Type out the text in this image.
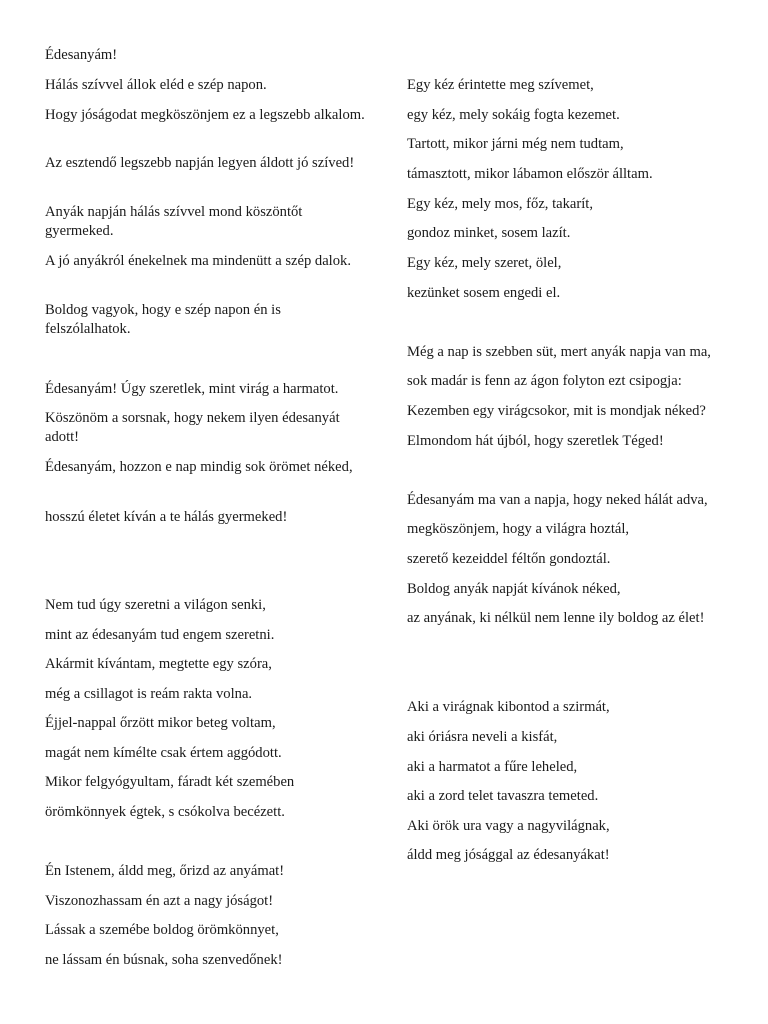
Édesanyám!
Hálás szívvel állok eléd e szép napon.
Hogy jóságodat megköszönjem ez a legszebb alkalom.
Az esztendő legszebb napján legyen áldott jó szíved!
Anyák napján hálás szívvel mond köszöntőt gyermeked.
A jó anyákról énekelnek ma mindenütt a szép dalok.
Boldog vagyok, hogy e szép napon én is felszólalhatok.
Édesanyám! Úgy szeretlek, mint virág a harmatot.
Köszönöm a sorsnak, hogy nekem ilyen édesanyát adott!
Édesanyám, hozzon e nap mindig sok örömet néked,
hosszú életet kíván a te hálás gyermeked!
Nem tud úgy szeretni a világon senki,
mint az édesanyám tud engem szeretni.
Akármit kívántam, megtette egy szóra,
még a csillagot is reám rakta volna.
Éjjel-nappal őrzött mikor beteg voltam,
magát nem kímélte csak értem aggódott.
Mikor felgyógyultam, fáradt két szemében
örömkönnyek égtek, s csókolva becézett.
Én Istenem, áldd meg, őrizd az anyámat!
Viszonozhassam én azt a nagy jóságot!
Lássak a szemébe boldog örömkönnyet,
ne lássam én búsnak, soha szenvedőnek!
Egy kéz érintette meg szívemet,
egy kéz, mely sokáig fogta kezemet.
Tartott, mikor járni még nem tudtam,
támasztott, mikor lábamon először álltam.
Egy kéz, mely mos, főz, takarít,
gondoz minket, sosem lazít.
Egy kéz, mely szeret, ölel,
kezünket sosem engedi el.
Még a nap is szebben süt, mert anyák napja van ma,
sok madár is fenn az ágon folyton ezt csipogja:
Kezemben egy virágcsokor, mit is mondjak néked?
Elmondom hát újból, hogy szeretlek Téged!
Édesanyám ma van a napja, hogy neked hálát adva,
megköszönjem, hogy a világra hoztál,
szerető kezeiddel féltőn gondoztál.
Boldog anyák napját kívánok néked,
az anyának, ki nélkül nem lenne ily boldog az élet!
Aki a virágnak kibontod a szirmát,
aki óriásra neveli a kisfát,
aki a harmatot a fűre leheled,
aki a zord telet tavaszra temeted.
Aki örök ura vagy a nagyvilágnak,
áldd meg jósággal az édesanyákat!
